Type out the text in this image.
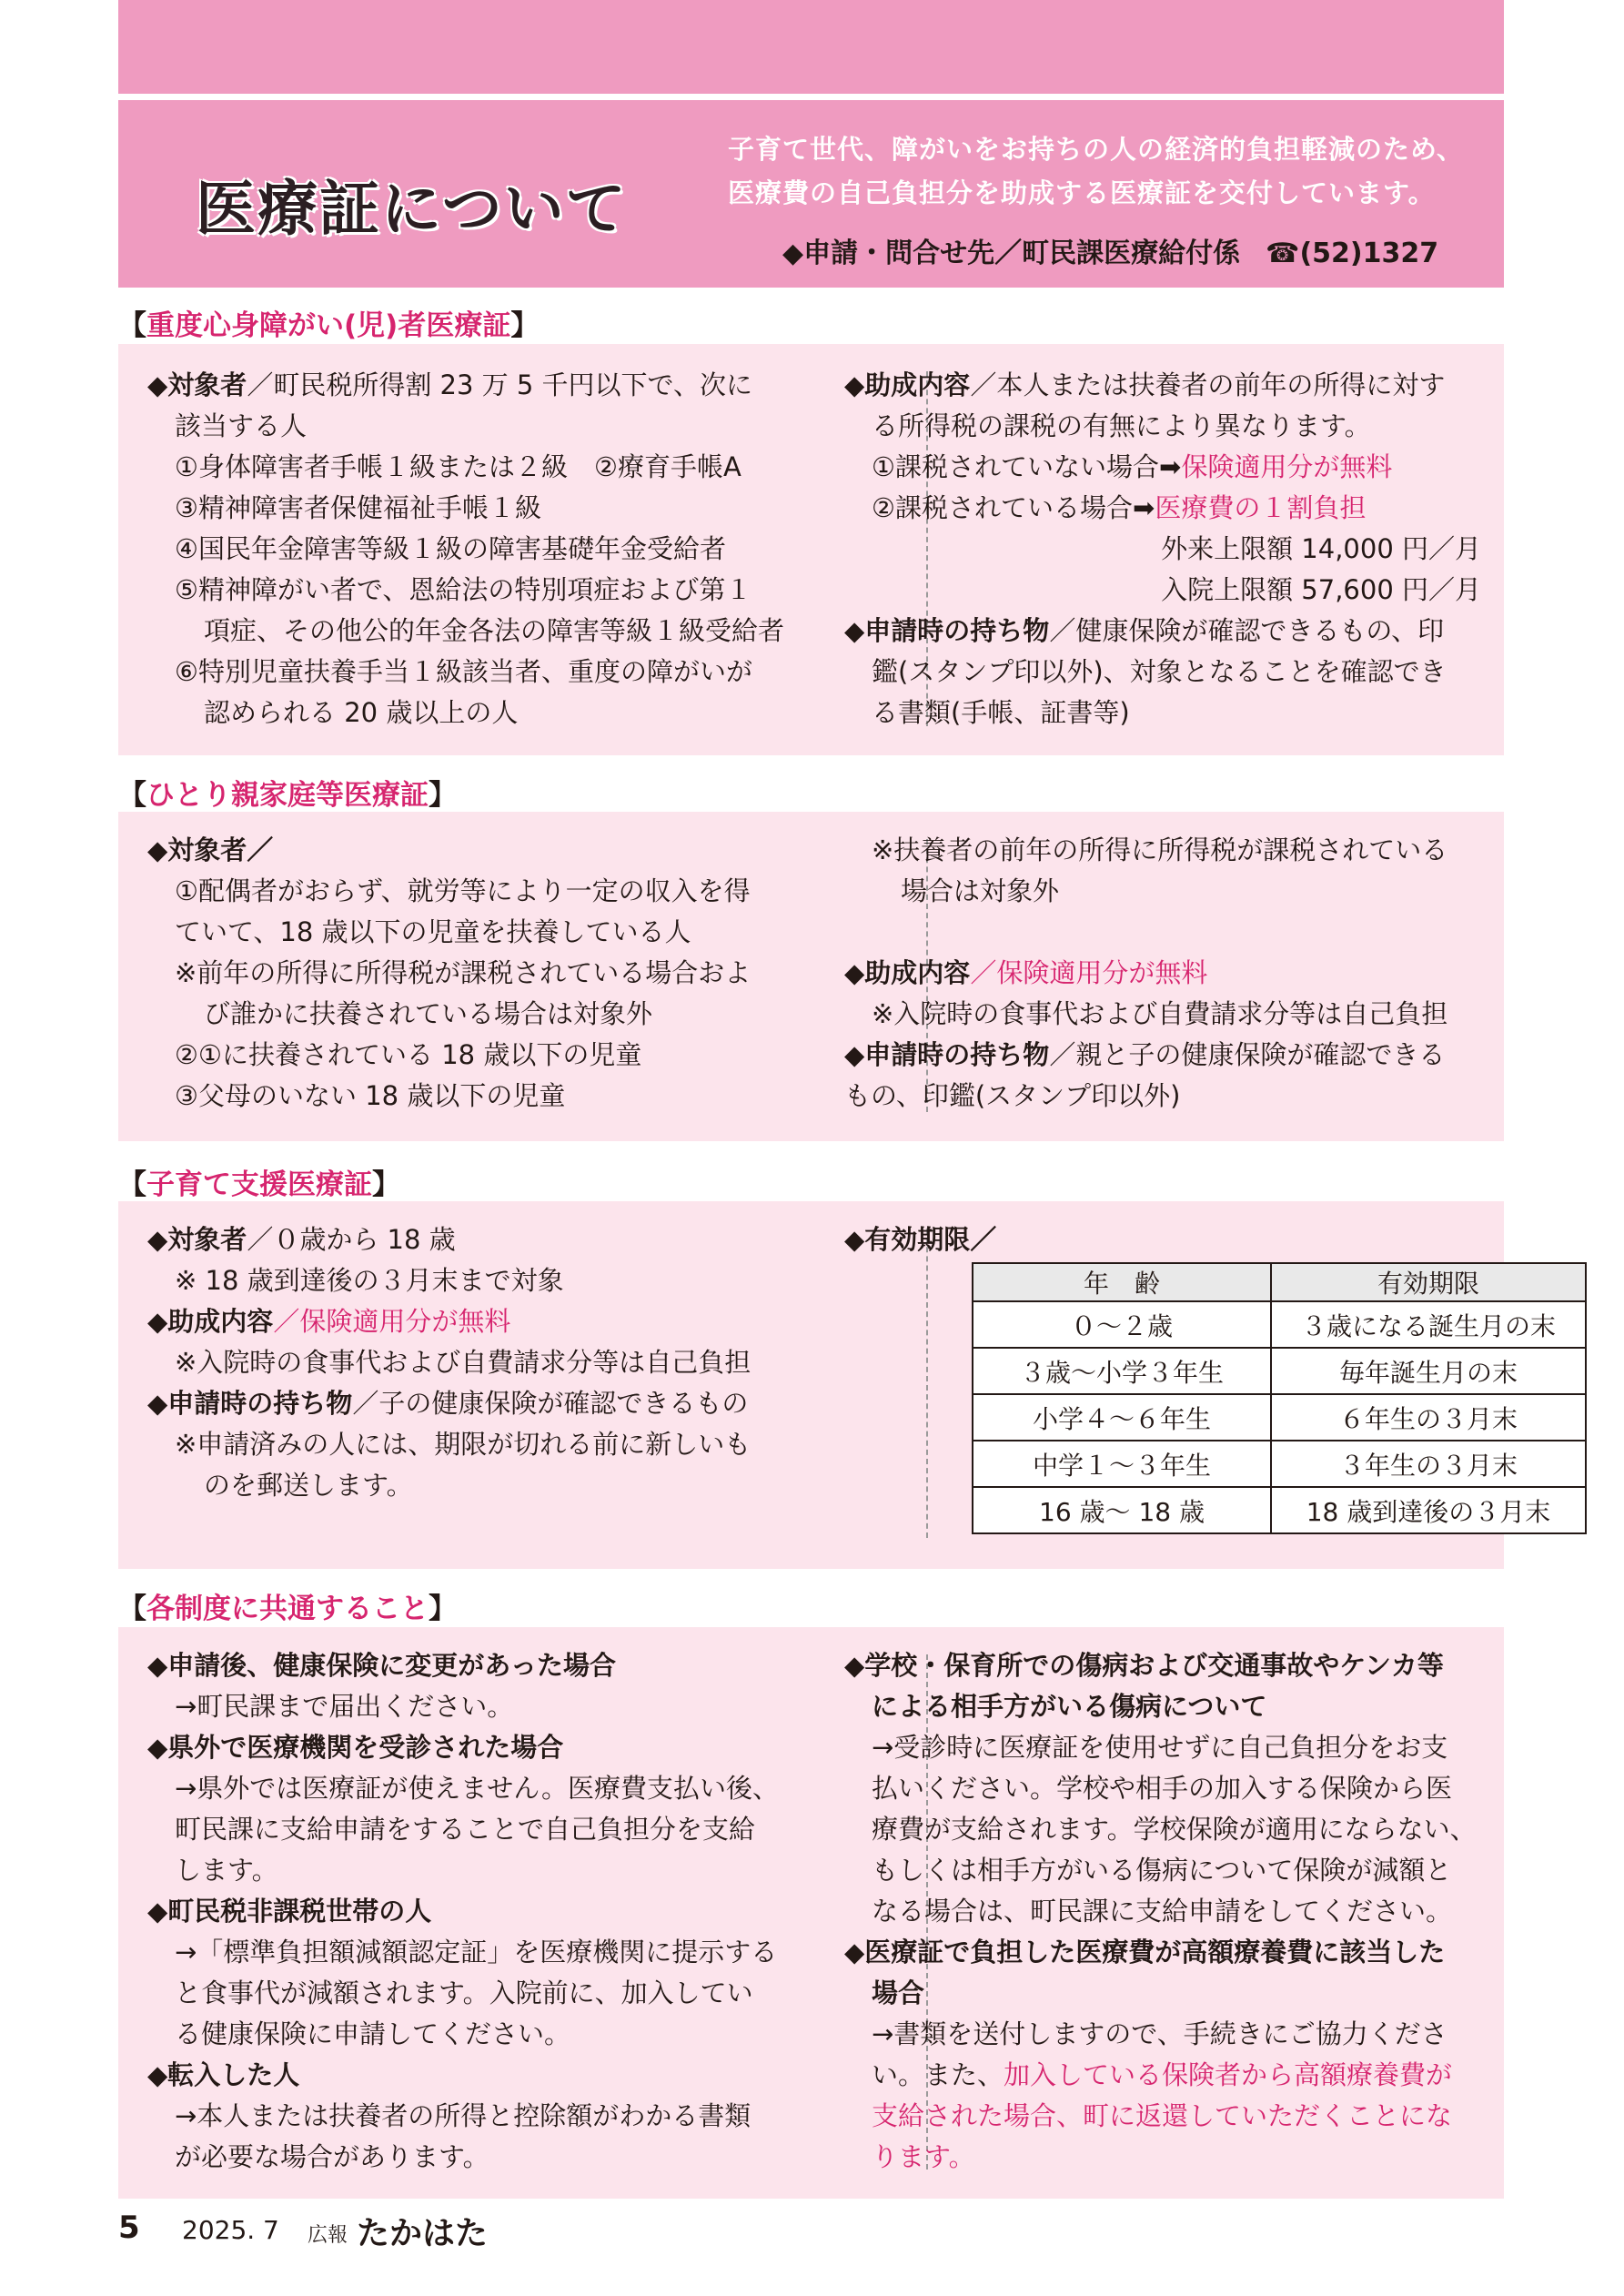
医療証について
子育て世代、障がいをお持ちの人の経済的負担軽減のため、
医療費の自己負担分を助成する医療証を交付しています。
◆申請・問合せ先／町民課医療給付係 ☎(52)1327
【重度心身障がい(児)者医療証】
◆対象者／町民税所得割 23 万 5 千円以下で、次に
該当する人
①身体障害者手帳１級または２級　②療育手帳A
③精神障害者保健福祉手帳１級
④国民年金障害等級１級の障害基礎年金受給者
⑤精神障がい者で、恩給法の特別項症および第１
項症、その他公的年金各法の障害等級１級受給者
⑥特別児童扶養手当１級該当者、重度の障がいが
認められる 20 歳以上の人
◆助成内容／本人または扶養者の前年の所得に対す
る所得税の課税の有無により異なります。
①課税されていない場合➡保険適用分が無料
②課税されている場合➡医療費の１割負担
外来上限額 14,000 円／月
入院上限額 57,600 円／月
◆申請時の持ち物／健康保険が確認できるもの、印
鑑(スタンプ印以外)、対象となることを確認でき
る書類(手帳、証書等)
【ひとり親家庭等医療証】
◆対象者／
①配偶者がおらず、就労等により一定の収入を得
ていて、18 歳以下の児童を扶養している人
※前年の所得に所得税が課税されている場合およ
び誰かに扶養されている場合は対象外
②①に扶養されている 18 歳以下の児童
③父母のいない 18 歳以下の児童
※扶養者の前年の所得に所得税が課税されている
場合は対象外
◆助成内容／保険適用分が無料
※入院時の食事代および自費請求分等は自己負担
◆申請時の持ち物／親と子の健康保険が確認できる
もの、印鑑(スタンプ印以外)
【子育て支援医療証】
◆対象者／０歳から 18 歳
※ 18 歳到達後の３月末まで対象
◆助成内容／保険適用分が無料
※入院時の食事代および自費請求分等は自己負担
◆申請時の持ち物／子の健康保険が確認できるもの
※申請済みの人には、期限が切れる前に新しいも
のを郵送します。
◆有効期限／
年　齢	有効期限
０～２歳	３歳になる誕生月の末
３歳～小学３年生	毎年誕生月の末
小学４～６年生	６年生の３月末
中学１～３年生	３年生の３月末
16 歳～ 18 歳	18 歳到達後の３月末
【各制度に共通すること】
◆申請後、健康保険に変更があった場合
→町民課まで届出ください。
◆県外で医療機関を受診された場合
→県外では医療証が使えません。医療費支払い後、
町民課に支給申請をすることで自己負担分を支給
します。
◆町民税非課税世帯の人
→「標準負担額減額認定証」を医療機関に提示する
と食事代が減額されます。入院前に、加入してい
る健康保険に申請してください。
◆転入した人
→本人または扶養者の所得と控除額がわかる書類
が必要な場合があります。
◆学校・保育所での傷病および交通事故やケンカ等
による相手方がいる傷病について
→受診時に医療証を使用せずに自己負担分をお支
払いください。学校や相手の加入する保険から医
療費が支給されます。学校保険が適用にならない、
もしくは相手方がいる傷病について保険が減額と
なる場合は、町民課に支給申請をしてください。
◆医療証で負担した医療費が高額療養費に該当した
場合
→書類を送付しますので、手続きにご協力くださ
い。また、加入している保険者から高額療養費が
支給された場合、町に返還していただくことにな
ります。
5 2025. 7 広報 たかはた
